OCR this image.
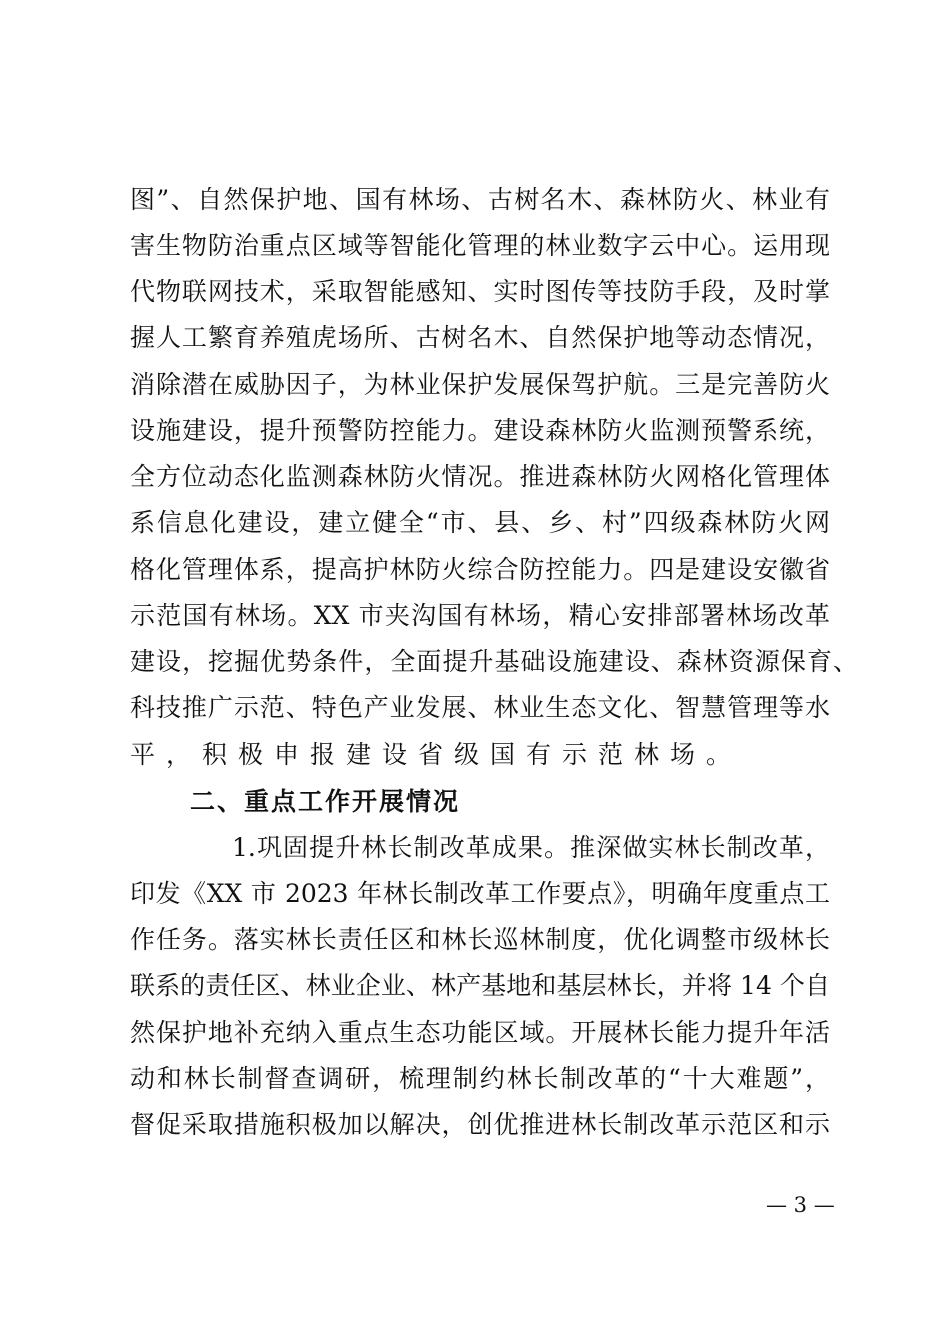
图”、自然保护地、国有林场、古树名木、森林防火、林业有
害生物防治重点区域等智能化管理的林业数字云中心。运用现
代物联网技术，采取智能感知、实时图传等技防手段，及时掌
握人工繁育养殖虎场所、古树名木、自然保护地等动态情况，
消除潜在威胁因子，为林业保护发展保驾护航。三是完善防火
设施建设，提升预警防控能力。建设森林防火监测预警系统，
全方位动态化监测森林防火情况。推进森林防火网格化管理体
系信息化建设，建立健全“市、县、乡、村”四级森林防火网
格化管理体系，提高护林防火综合防控能力。四是建设安徽省
示范国有林场。XX 市夹沟国有林场，精心安排部署林场改革
建设，挖掘优势条件，全面提升基础设施建设、森林资源保育、
科技推广示范、特色产业发展、林业生态文化、智慧管理等水
平，积极申报建设省级国有示范林场。
二、重点工作开展情况
1.巩固提升林长制改革成果。推深做实林长制改革，
印发《XX 市 2023 年林长制改革工作要点》，明确年度重点工
作任务。落实林长责任区和林长巡林制度，优化调整市级林长
联系的责任区、林业企业、林产基地和基层林长，并将 14 个自
然保护地补充纳入重点生态功能区域。开展林长能力提升年活
动和林长制督查调研，梳理制约林长制改革的“十大难题”，
督促采取措施积极加以解决，创优推进林长制改革示范区和示
— 3 —
